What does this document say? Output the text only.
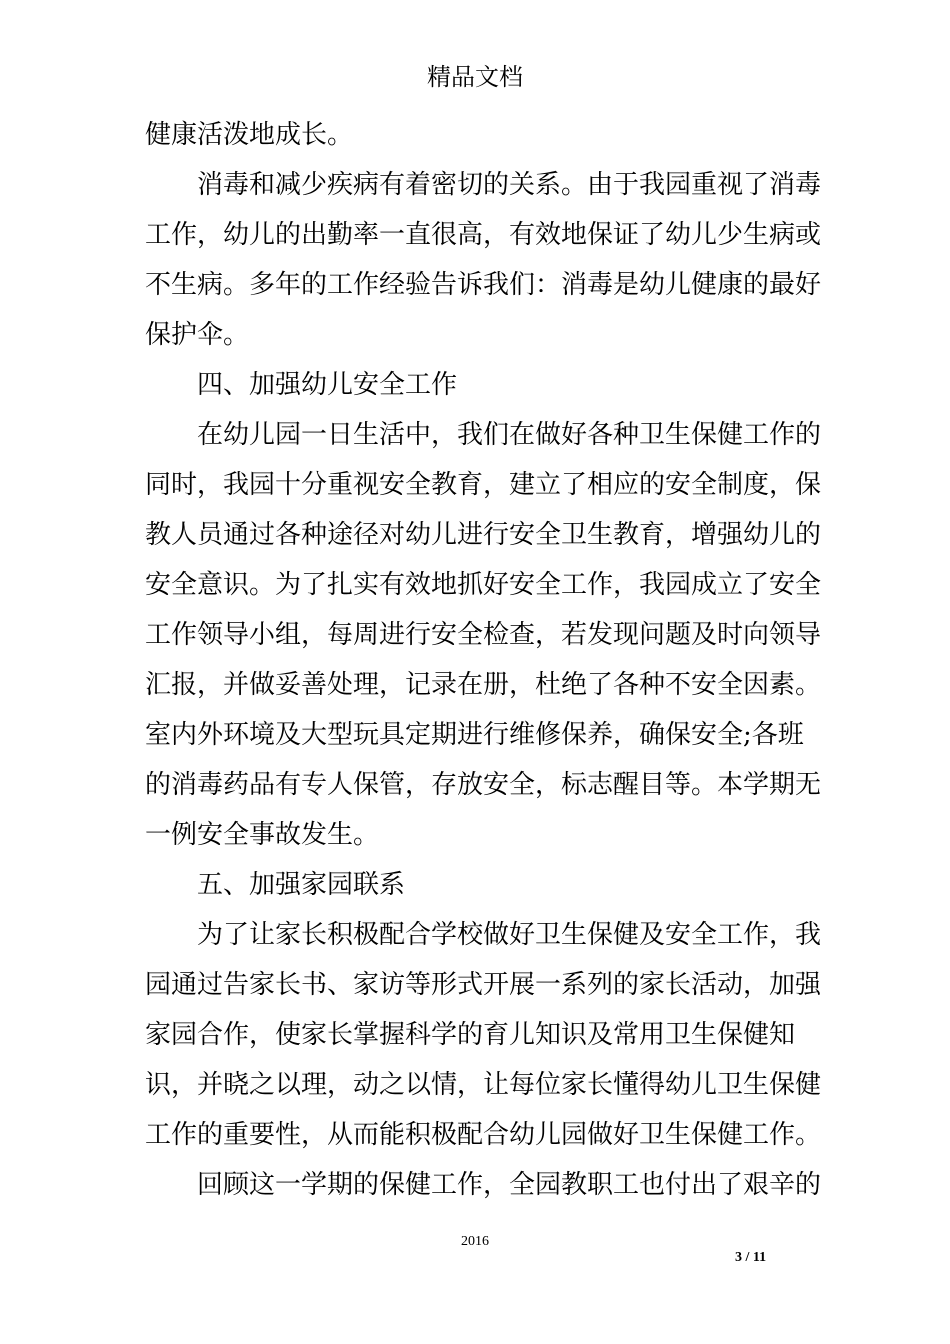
精品文档
健康活泼地成长。
消毒和减少疾病有着密切的关系。由于我园重视了消毒
工作，幼儿的出勤率一直很高，有效地保证了幼儿少生病或
不生病。多年的工作经验告诉我们：消毒是幼儿健康的最好
保护伞。
四、加强幼儿安全工作
在幼儿园一日生活中，我们在做好各种卫生保健工作的
同时，我园十分重视安全教育，建立了相应的安全制度，保
教人员通过各种途径对幼儿进行安全卫生教育，增强幼儿的
安全意识。为了扎实有效地抓好安全工作，我园成立了安全
工作领导小组，每周进行安全检查，若发现问题及时向领导
汇报，并做妥善处理，记录在册，杜绝了各种不安全因素。
室内外环境及大型玩具定期进行维修保养，确保安全;各班
的消毒药品有专人保管，存放安全，标志醒目等。本学期无
一例安全事故发生。
五、加强家园联系
为了让家长积极配合学校做好卫生保健及安全工作，我
园通过告家长书、家访等形式开展一系列的家长活动，加强
家园合作，使家长掌握科学的育儿知识及常用卫生保健知
识，并晓之以理，动之以情，让每位家长懂得幼儿卫生保健
工作的重要性，从而能积极配合幼儿园做好卫生保健工作。
回顾这一学期的保健工作，全园教职工也付出了艰辛的
2016
3 / 11
